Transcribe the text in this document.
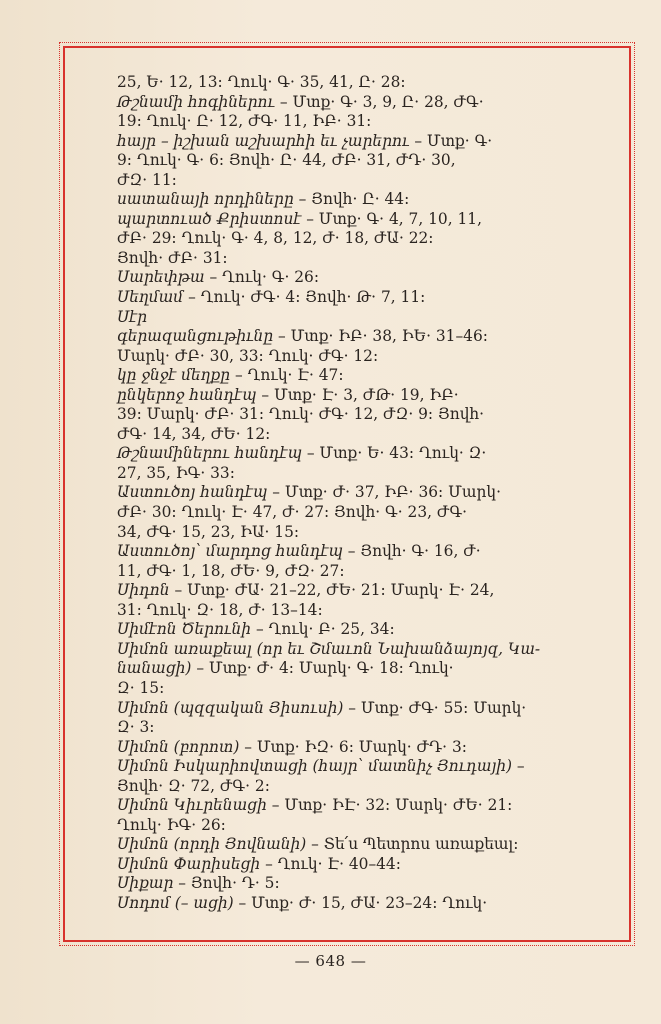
25, Ե· 12, 13: Ղուկ· Գ· 35, 41, Ը· 28:

Թշնամի հոգիներու – Մտք· Գ· 3, 9, Ը· 28, ԺԳ·

19: Ղուկ· Ը· 12, ԺԳ· 11, ԻԲ· 31:

հայր – իշխան աշխարհի եւ չարերու – Մտք· Գ·

9: Ղուկ· Գ· 6: Յովհ· Ը· 44, ԺԲ· 31, ԺԴ· 30,

ԺԶ· 11:

սատանայի որդիները – Յովհ· Ը· 44:

պարտուած Քրիստոսէ – Մտք· Գ· 4, 7, 10, 11,

ԺԲ· 29: Ղուկ· Գ· 4, 8, 12, Ժ· 18, ԺԱ· 22:

Յովհ· ԺԲ· 31:

Սարեփթա – Ղուկ· Գ· 26:

Սեղմամ – Ղուկ· ԺԳ· 4: Յովհ· Թ· 7, 11:

Սէր

գերազանցութիւնը – Մտք· ԻԲ· 38, ԻԵ· 31–46:

Մարկ· ԺԲ· 30, 33: Ղուկ· ԺԳ· 12:

կը ջնջէ մեղքը – Ղուկ· Է· 47:

ընկերոջ հանդէպ – Մտք· Է· 3, ԺԹ· 19, ԻԲ·

39: Մարկ· ԺԲ· 31: Ղուկ· ԺԳ· 12, ԺԶ· 9: Յովհ·

ԺԳ· 14, 34, ԺԵ· 12:

Թշնամիներու հանդէպ – Մտք· Ե· 43: Ղուկ· Զ·

27, 35, ԻԳ· 33:

Աստուծոյ հանդէպ – Մտք· Ժ· 37, ԻԲ· 36: Մարկ·

ԺԲ· 30: Ղուկ· Է· 47, Ժ· 27: Յովհ· Գ· 23, ԺԳ·

34, ԺԳ· 15, 23, ԻԱ· 15:

Աստուծոյ՝ մարդոց հանդէպ – Յովհ· Գ· 16, Ժ·

11, ԺԳ· 1, 18, ԺԵ· 9, ԺԶ· 27:

Սիդոն – Մտք· ԺԱ· 21–22, ԺԵ· 21: Մարկ· Է· 24,

31: Ղուկ· Զ· 18, Ժ· 13–14:

Սիմէոն Ծերունի – Ղուկ· Բ· 25, 34:

Սիմոն առաքեալ (որ եւ Շմաւոն Նախանձայոյզ, Կա-

նանացի) – Մտք· Ժ· 4: Մարկ· Գ· 18: Ղուկ·

Զ· 15:

Սիմոն (պզզական Յիսուսի) – Մտք· ԺԳ· 55: Մարկ·

Զ· 3:

Սիմոն (բորոտ) – Մտք· ԻԶ· 6: Մարկ· ԺԴ· 3:

Սիմոն Իսկարիովտացի (հայր՝ մատնիչ Յուդայի) –

Յովհ· Զ· 72, ԺԳ· 2:

Սիմոն Կիւրենացի – Մտք· ԻԷ· 32: Մարկ· ԺԵ· 21:

Ղուկ· ԻԳ· 26:

Սիմոն (որդի Յովնանի) – Տե՛ս Պետրոս առաքեալ:

Սիմոն Փարիսեցի – Ղուկ· Է· 40–44:

Սիքար – Յովհ· Դ· 5:

Սոդոմ (– ացի) – Մտք· Ժ· 15, ԺԱ· 23–24: Ղուկ·

— 648 —
